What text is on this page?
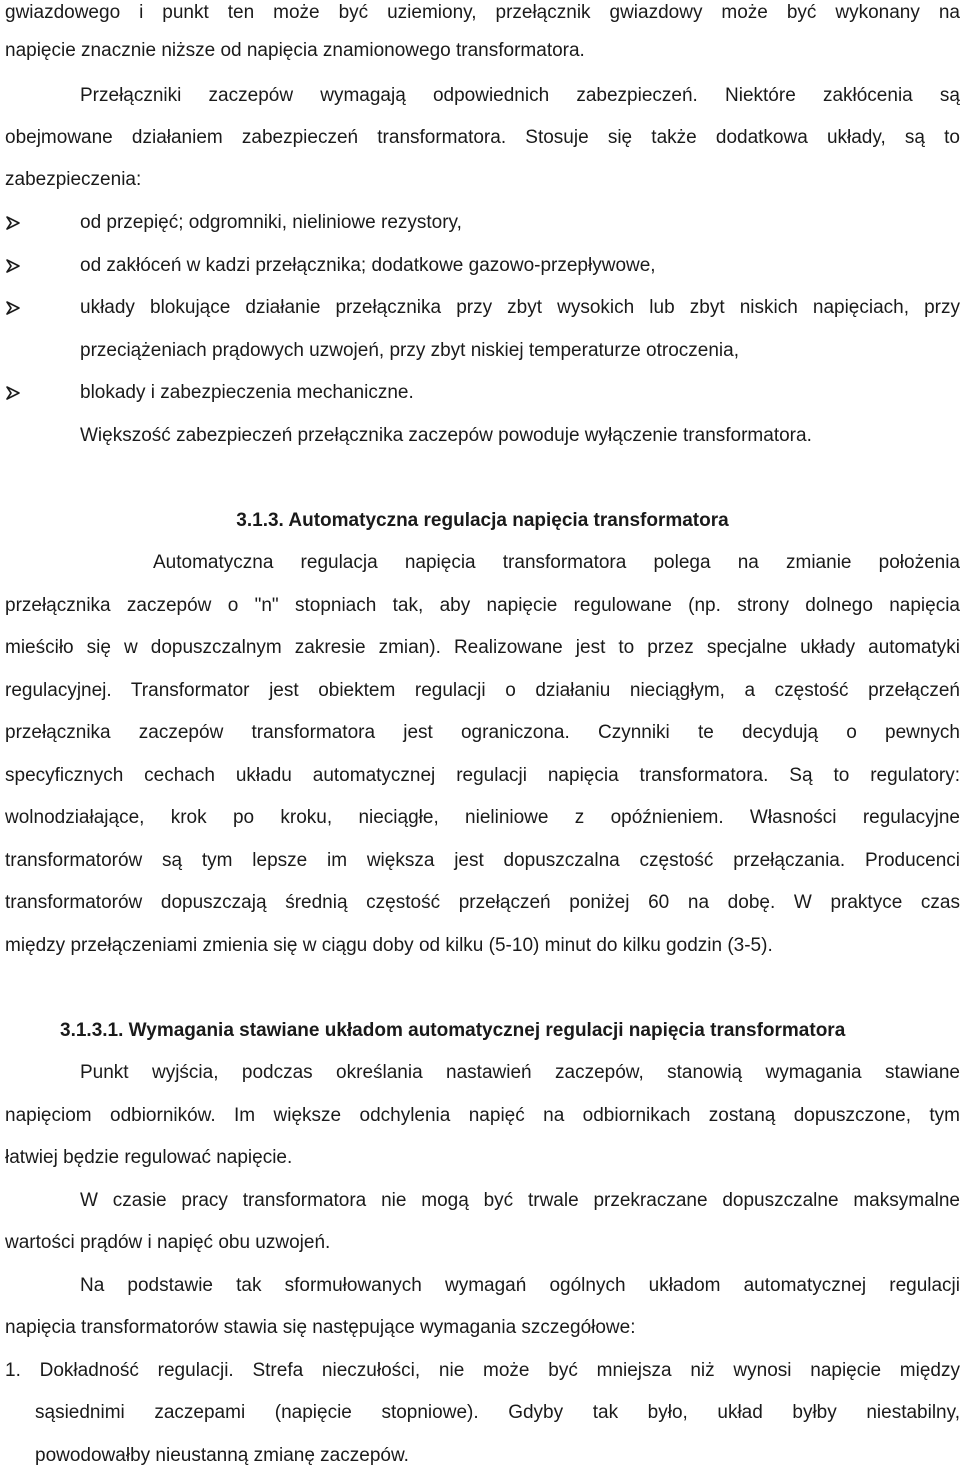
gwiazdowego i punkt ten może być uziemiony, przełącznik gwiazdowy może być wykonany na
napięcie znacznie niższe od napięcia znamionowego transformatora.
Przełączniki zaczepów wymagają odpowiednich zabezpieczeń. Niektóre zakłócenia są
obejmowane działaniem zabezpieczeń transformatora. Stosuje się także dodatkowa układy, są to
zabezpieczenia:
od przepięć; odgromniki, nieliniowe rezystory,
od zakłóceń w kadzi przełącznika; dodatkowe gazowo-przepływowe,
układy blokujące działanie przełącznika przy zbyt wysokich lub zbyt niskich napięciach, przy
przeciążeniach prądowych uzwojeń, przy zbyt niskiej temperaturze otroczenia,
blokady i zabezpieczenia mechaniczne.
Większość zabezpieczeń przełącznika zaczepów powoduje wyłączenie transformatora.
3.1.3. Automatyczna regulacja napięcia transformatora
Automatyczna regulacja napięcia transformatora polega na zmianie położenia
przełącznika zaczepów o "n" stopniach tak, aby napięcie regulowane (np. strony dolnego napięcia
mieściło się w dopuszczalnym zakresie zmian). Realizowane jest to przez specjalne układy automatyki
regulacyjnej. Transformator jest obiektem regulacji o działaniu nieciągłym, a częstość przełączeń
przełącznika zaczepów transformatora jest ograniczona. Czynniki te decydują o pewnych
specyficznych cechach układu automatycznej regulacji napięcia transformatora. Są to regulatory:
wolnodziałające, krok po kroku, nieciągłe, nieliniowe z opóźnieniem. Własności regulacyjne
transformatorów są tym lepsze im większa jest dopuszczalna częstość przełączania. Producenci
transformatorów dopuszczają średnią częstość przełączeń poniżej 60 na dobę. W praktyce czas
między przełączeniami zmienia się w ciągu doby od kilku (5-10) minut do kilku godzin (3-5).
3.1.3.1. Wymagania stawiane układom automatycznej regulacji napięcia transformatora
Punkt wyjścia, podczas określania nastawień zaczepów, stanowią wymagania stawiane
napięciom odbiorników. Im większe odchylenia napięć na odbiornikach zostaną dopuszczone, tym
łatwiej będzie regulować napięcie.
W czasie pracy transformatora nie mogą być trwale przekraczane dopuszczalne maksymalne
wartości prądów i napięć obu uzwojeń.
Na podstawie tak sformułowanych wymagań ogólnych układom automatycznej regulacji
napięcia transformatorów stawia się następujące wymagania szczegółowe:
1. Dokładność regulacji. Strefa nieczułości, nie może być mniejsza niż wynosi napięcie między
sąsiednimi zaczepami (napięcie stopniowe). Gdyby tak było, układ byłby niestabilny,
powodowałby nieustanną zmianę zaczepów.
